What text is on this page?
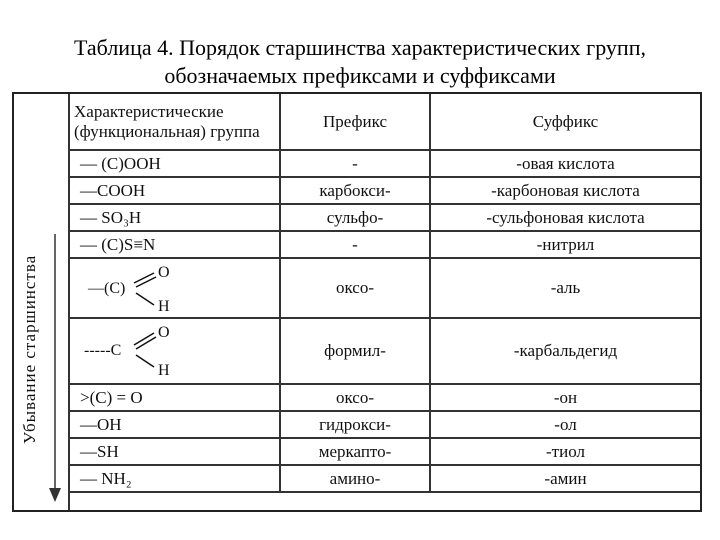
Таблица 4. Порядок старшинства характеристических групп,
обозначаемых префиксами и суффиксами
Убывание старшинства
Характеристические
(функциональная) группа	Префикс	Суффикс
— (C)OOH	-	-овая кислота
—COOH	карбокси-	-карбоновая кислота
— SO₃H	сульфо-	-сульфоновая кислота
— (C)S≡N	-	-нитрил

—(C)
O
H	оксо-	-аль

-----C
O
H	формил-	-карбальдегид
>(C) = O	оксо-	-он
—OH	гидрокси-	-ол
—SH	меркапто-	-тиол
— NH₂	амино-	-амин
